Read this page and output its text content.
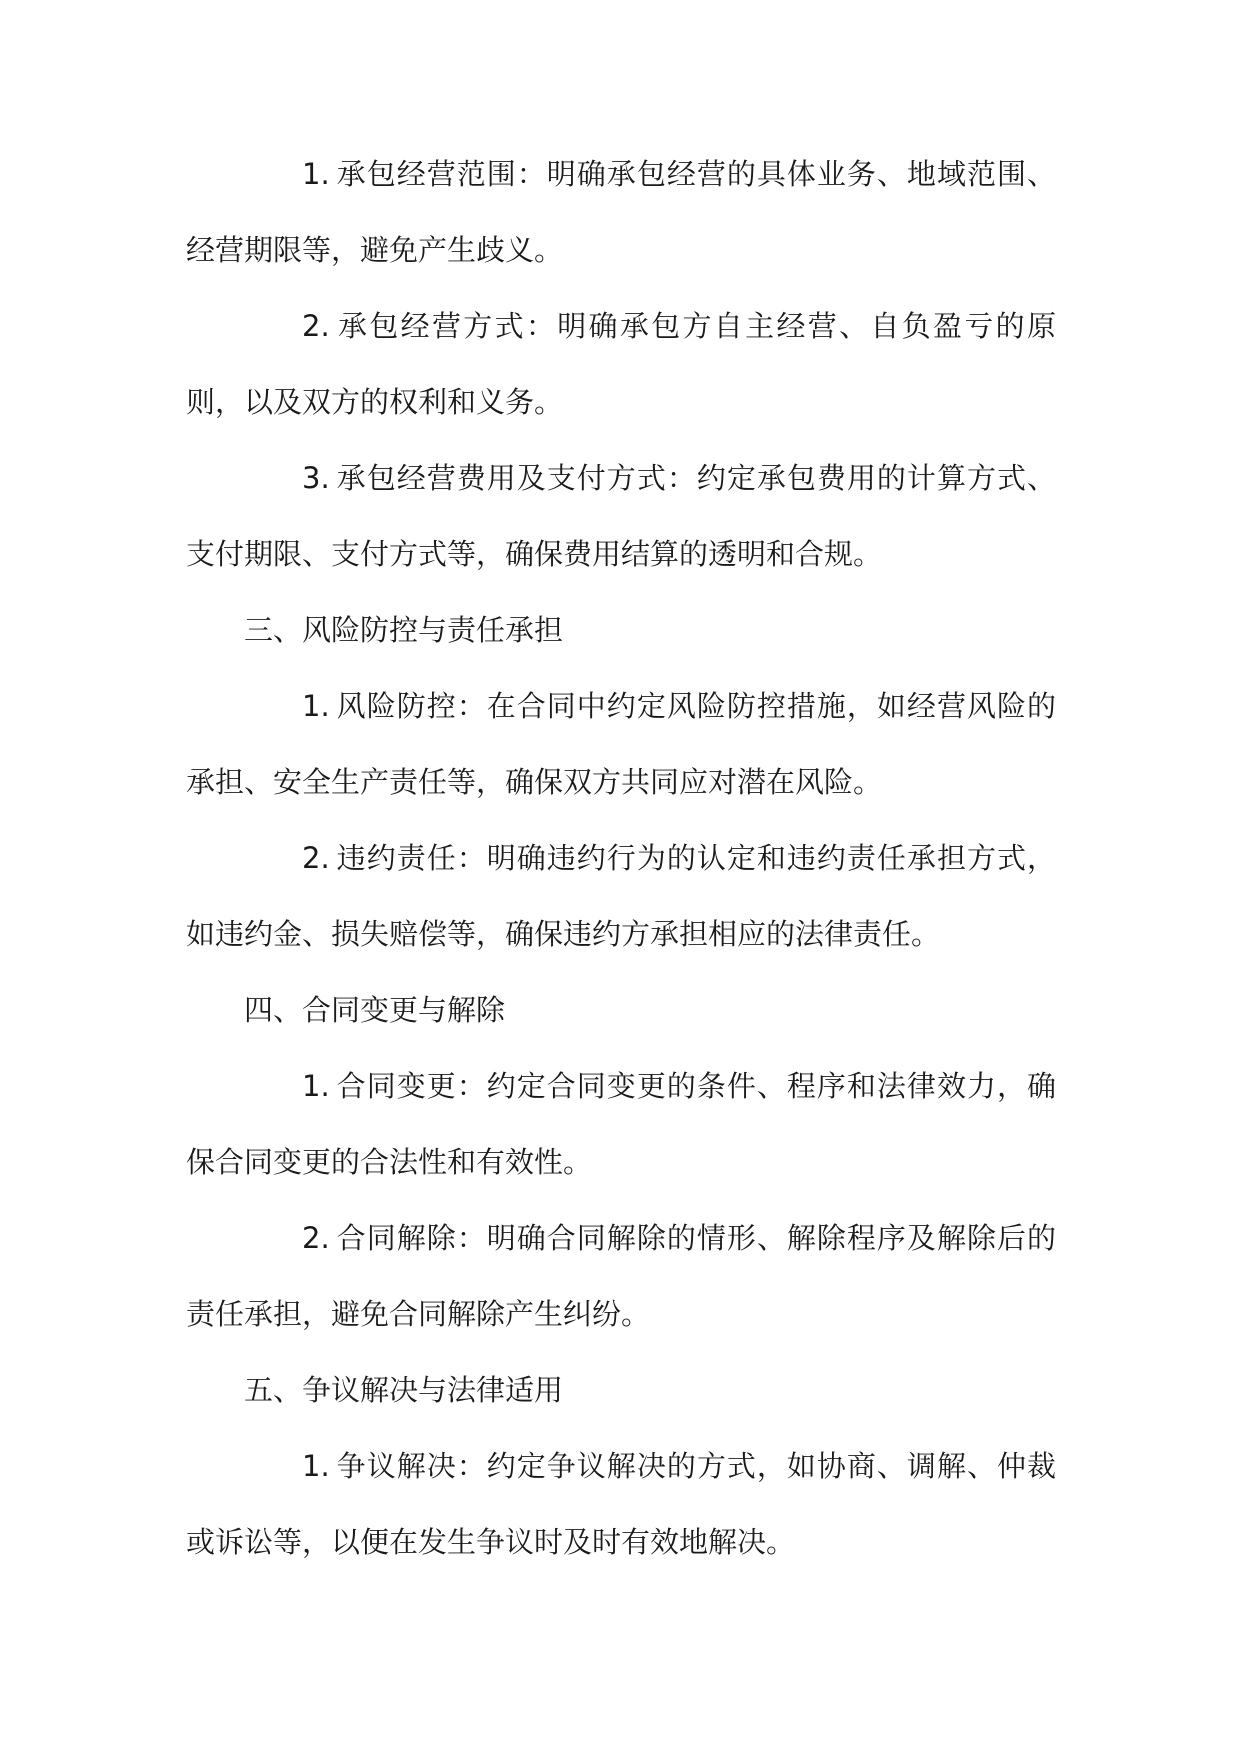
1. 承包经营范围：明确承包经营的具体业务、地域范围、经营期限等，避免产生歧义。

2. 承包经营方式：明确承包方自主经营、自负盈亏的原则，以及双方的权利和义务。

3. 承包经营费用及支付方式：约定承包费用的计算方式、支付期限、支付方式等，确保费用结算的透明和合规。

三、风险防控与责任承担

1. 风险防控：在合同中约定风险防控措施，如经营风险的承担、安全生产责任等，确保双方共同应对潜在风险。

2. 违约责任：明确违约行为的认定和违约责任承担方式，如违约金、损失赔偿等，确保违约方承担相应的法律责任。

四、合同变更与解除

1. 合同变更：约定合同变更的条件、程序和法律效力，确保合同变更的合法性和有效性。

2. 合同解除：明确合同解除的情形、解除程序及解除后的责任承担，避免合同解除产生纠纷。

五、争议解决与法律适用

1. 争议解决：约定争议解决的方式，如协商、调解、仲裁或诉讼等，以便在发生争议时及时有效地解决。
